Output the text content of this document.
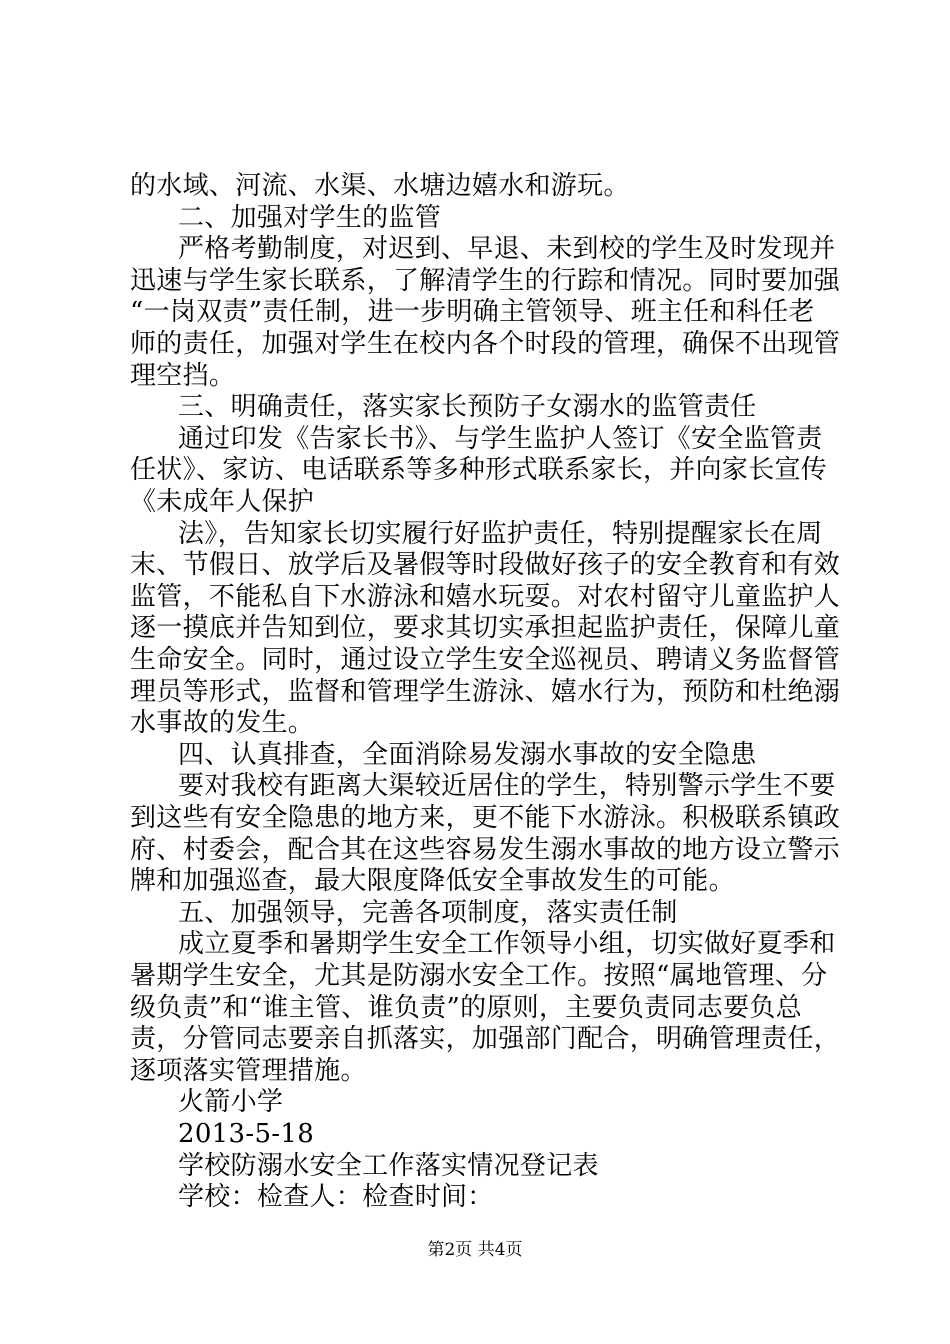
的水域、河流、水渠、水塘边嬉水和游玩。
二、加强对学生的监管
严格考勤制度，对迟到、早退、未到校的学生及时发现并
迅速与学生家长联系，了解清学生的行踪和情况。同时要加强
“一岗双责”责任制，进一步明确主管领导、班主任和科任老
师的责任，加强对学生在校内各个时段的管理，确保不出现管
理空挡。
三、明确责任，落实家长预防子女溺水的监管责任
通过印发《告家长书》、与学生监护人签订《安全监管责
任状》、家访、电话联系等多种形式联系家长，并向家长宣传
《未成年人保护
法》，告知家长切实履行好监护责任，特别提醒家长在周
末、节假日、放学后及暑假等时段做好孩子的安全教育和有效
监管，不能私自下水游泳和嬉水玩耍。对农村留守儿童监护人
逐一摸底并告知到位，要求其切实承担起监护责任，保障儿童
生命安全。同时，通过设立学生安全巡视员、聘请义务监督管
理员等形式，监督和管理学生游泳、嬉水行为，预防和杜绝溺
水事故的发生。
四、认真排查，全面消除易发溺水事故的安全隐患
要对我校有距离大渠较近居住的学生，特别警示学生不要
到这些有安全隐患的地方来，更不能下水游泳。积极联系镇政
府、村委会，配合其在这些容易发生溺水事故的地方设立警示
牌和加强巡查，最大限度降低安全事故发生的可能。
五、加强领导，完善各项制度，落实责任制
成立夏季和暑期学生安全工作领导小组，切实做好夏季和
暑期学生安全，尤其是防溺水安全工作。按照“属地管理、分
级负责”和“谁主管、谁负责”的原则，主要负责同志要负总
责，分管同志要亲自抓落实，加强部门配合，明确管理责任，
逐项落实管理措施。
火箭小学
2013-5-18
学校防溺水安全工作落实情况登记表
学校：检查人：检查时间：
第2页 共4页
